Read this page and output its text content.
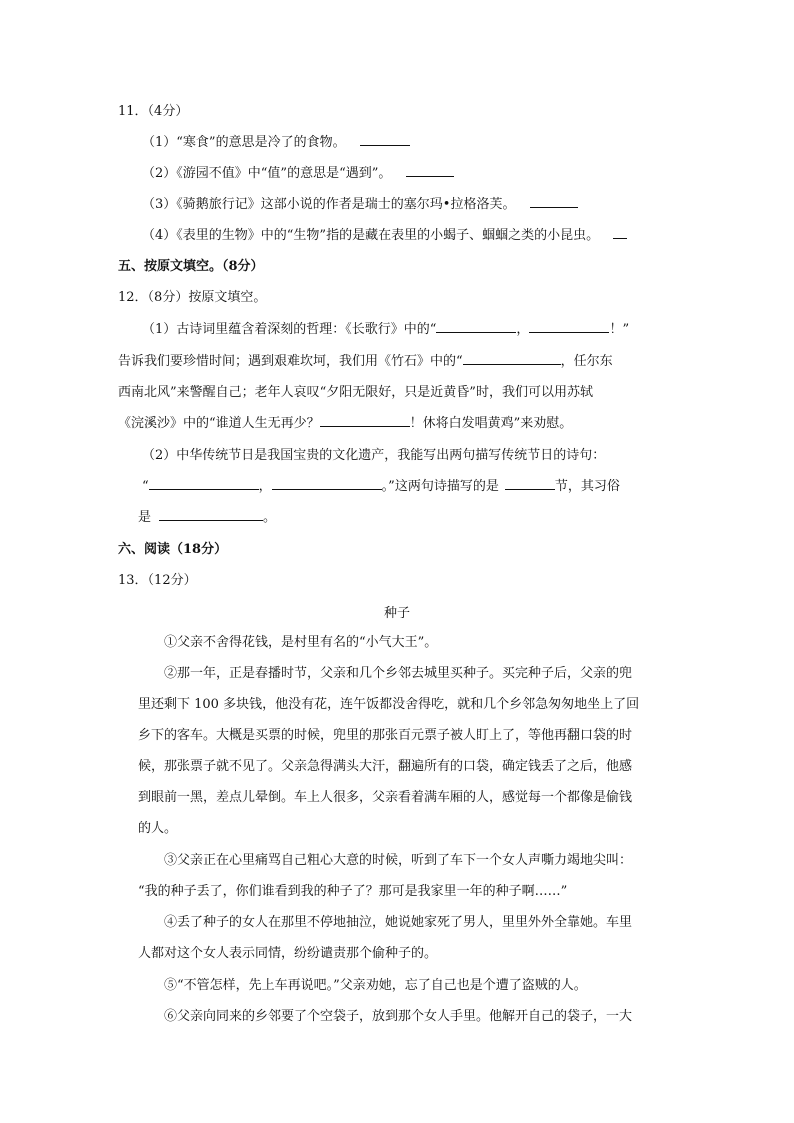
11．（4分）
（1）“寒食”的意思是冷了的食物。
（2）《游园不值》中“值”的意思是“遇到”。
（3）《骑鹅旅行记》这部小说的作者是瑞士的塞尔玛•拉格洛芙。
（4）《表里的生物》中的“生物”指的是藏在表里的小蝎子、蝈蝈之类的小昆虫。
五、按原文填空。（8分）
12．（8分）按原文填空。
（1）古诗词里蕴含着深刻的哲理：《长歌行》中的“	，	！”
告诉我们要珍惜时间；遇到艰难坎坷，我们用《竹石》中的“	，任尔东
西南北风”来警醒自己；老年人哀叹“夕阳无限好，只是近黄昏”时，我们可以用苏轼
《浣溪沙》中的“谁道人生无再少？	！休将白发唱黄鸡”来劝慰。
（2）中华传统节日是我国宝贵的文化遗产，我能写出两句描写传统节日的诗句：
“	，	。”这两句诗描写的是	节，其习俗
是	。
六、阅读（18分）
13．（12分）
种子
①父亲不舍得花钱，是村里有名的“小气大王”。
②那一年，正是春播时节，父亲和几个乡邻去城里买种子。买完种子后，父亲的兜
里还剩下 100 多块钱，他没有花，连午饭都没舍得吃，就和几个乡邻急匆匆地坐上了回
乡下的客车。大概是买票的时候，兜里的那张百元票子被人盯上了，等他再翻口袋的时
候，那张票子就不见了。父亲急得满头大汗，翻遍所有的口袋，确定钱丢了之后，他感
到眼前一黑，差点儿晕倒。车上人很多，父亲看着满车厢的人，感觉每一个都像是偷钱
的人。
③父亲正在心里痛骂自己粗心大意的时候，听到了车下一个女人声嘶力竭地尖叫：
“我的种子丢了，你们谁看到我的种子了？那可是我家里一年的种子啊……”
④丢了种子的女人在那里不停地抽泣，她说她家死了男人，里里外外全靠她。车里
人都对这个女人表示同情，纷纷谴责那个偷种子的。
⑤“不管怎样，先上车再说吧。”父亲劝她，忘了自己也是个遭了盗贼的人。
⑥父亲向同来的乡邻要了个空袋子，放到那个女人手里。他解开自己的袋子，一大
